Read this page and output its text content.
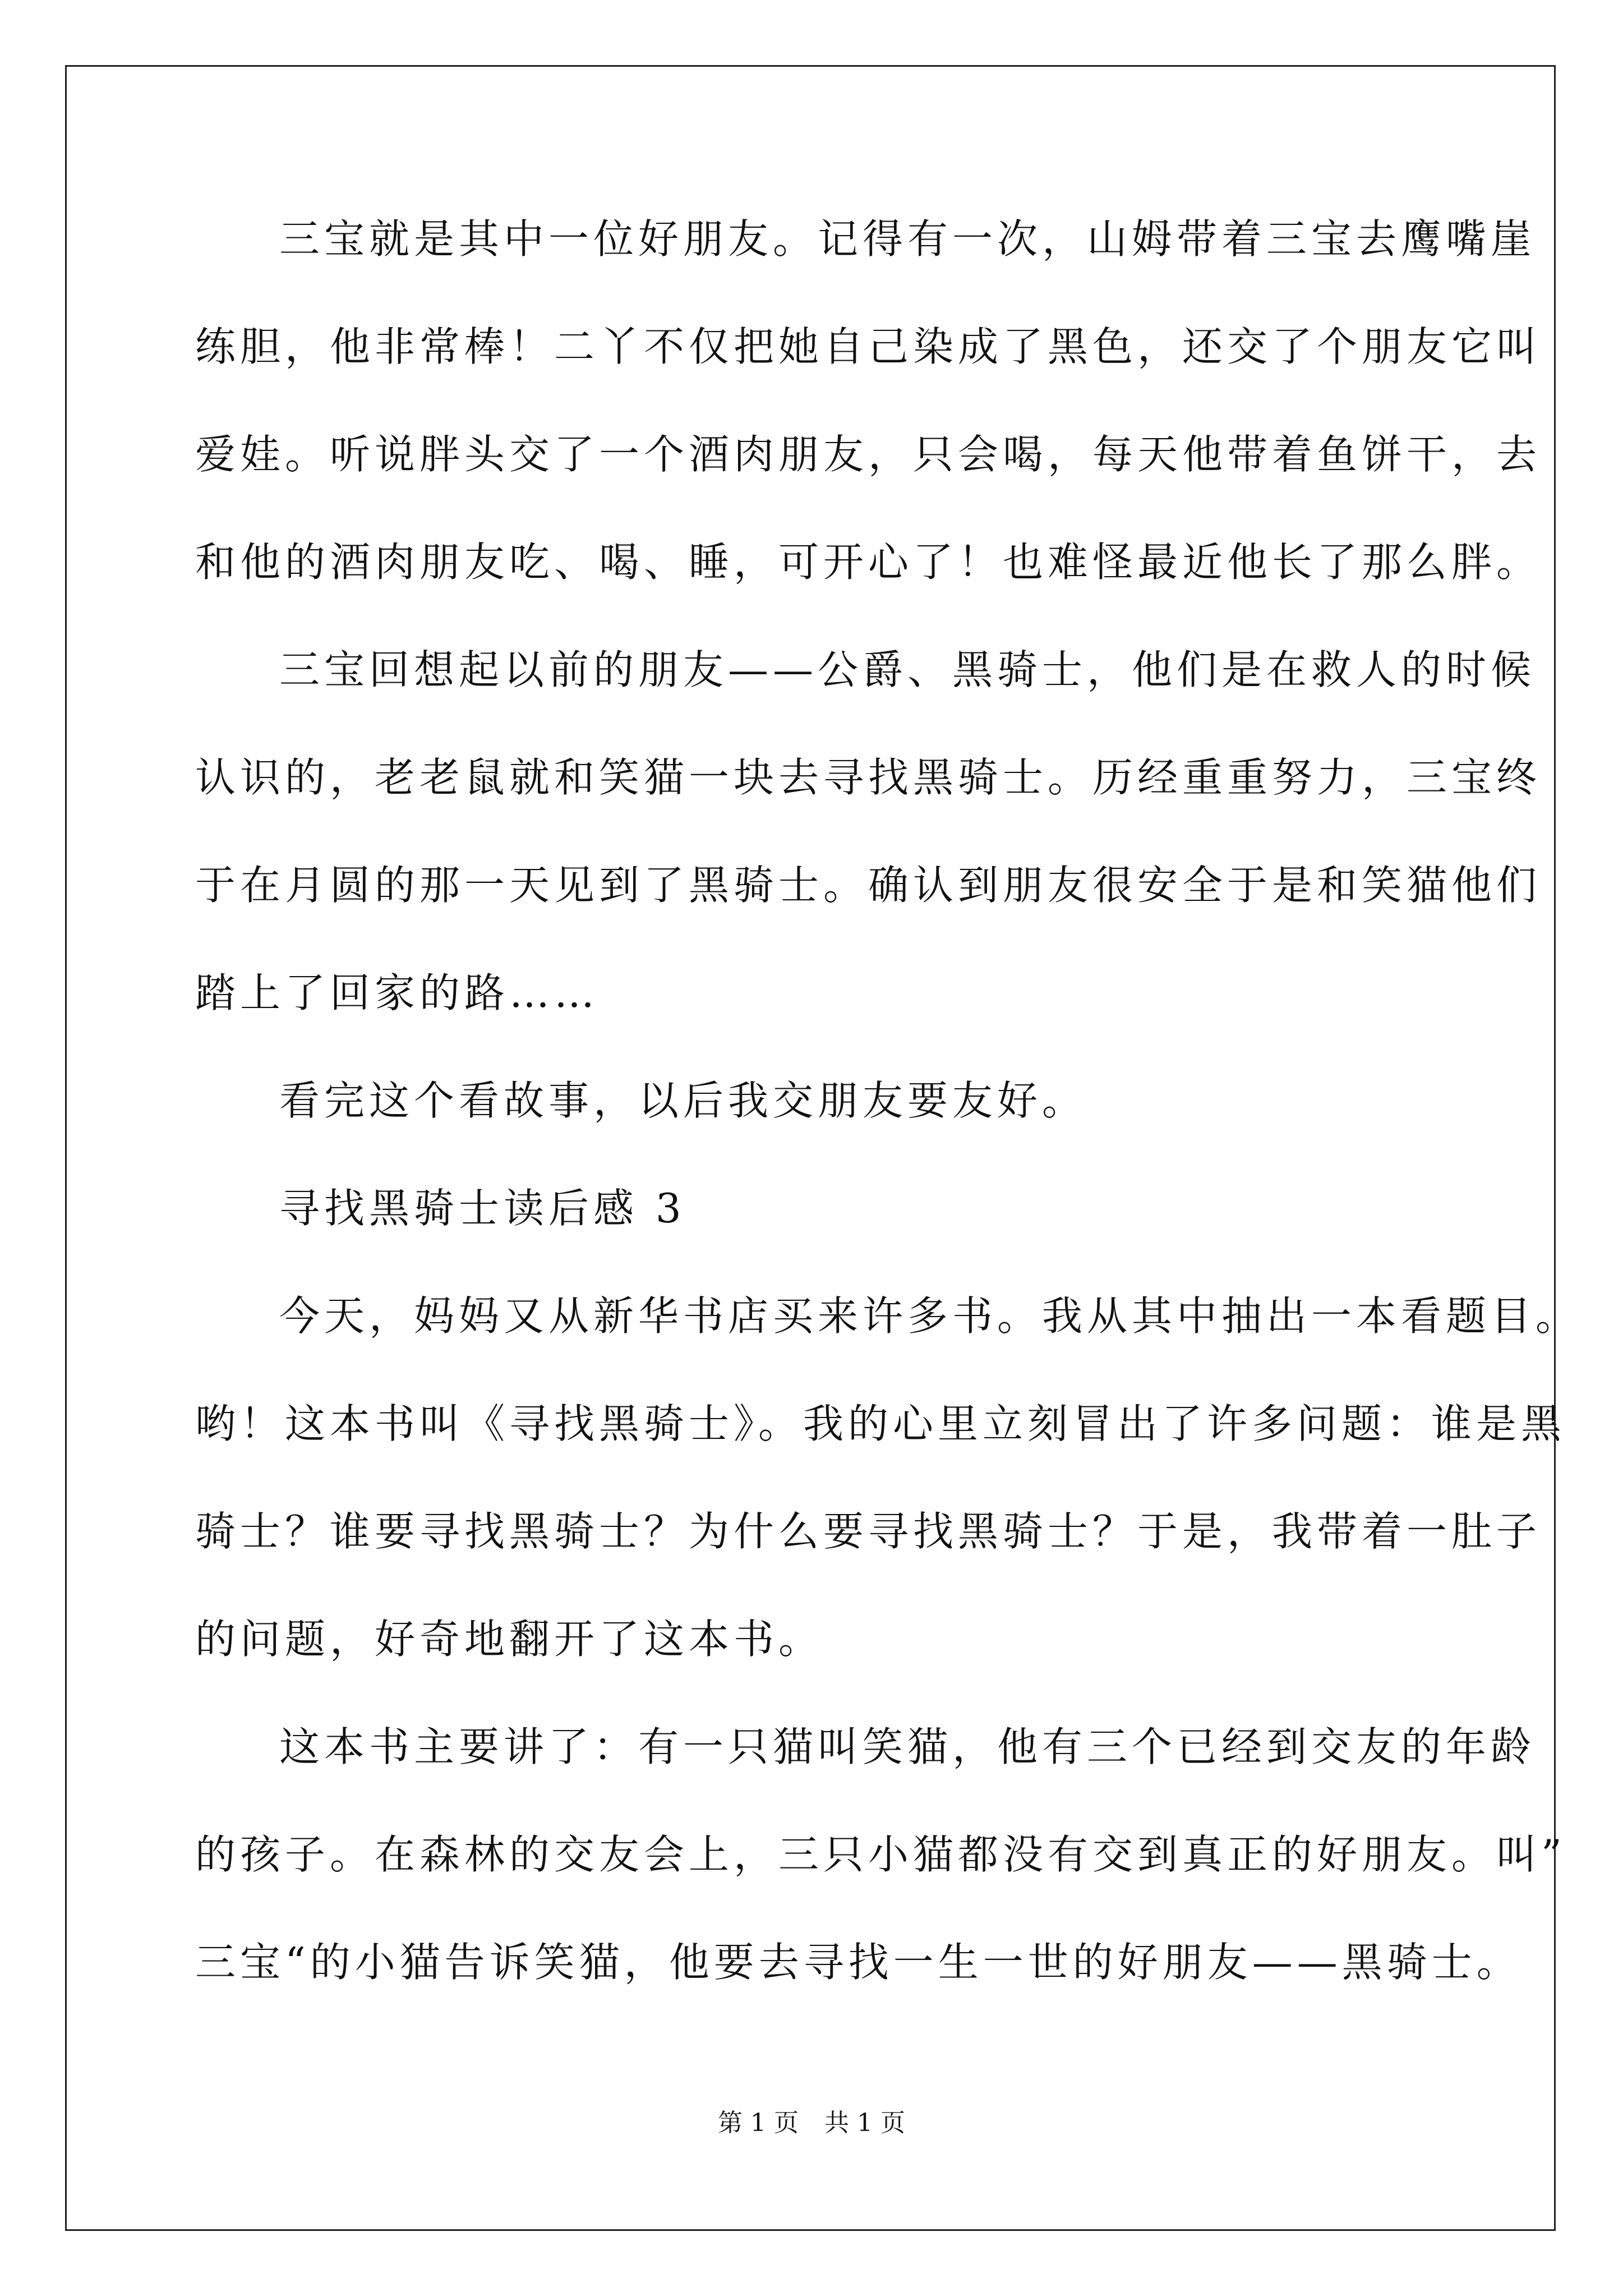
三宝就是其中一位好朋友。记得有一次，山姆带着三宝去鹰嘴崖
练胆，他非常棒！二丫不仅把她自己染成了黑色，还交了个朋友它叫
爱娃。听说胖头交了一个酒肉朋友，只会喝，每天他带着鱼饼干，去
和他的酒肉朋友吃、喝、睡，可开心了！也难怪最近他长了那么胖。
三宝回想起以前的朋友——公爵、黑骑士，他们是在救人的时候
认识的，老老鼠就和笑猫一块去寻找黑骑士。历经重重努力，三宝终
于在月圆的那一天见到了黑骑士。确认到朋友很安全于是和笑猫他们
踏上了回家的路……
看完这个看故事，以后我交朋友要友好。
寻找黑骑士读后感 3
今天，妈妈又从新华书店买来许多书。我从其中抽出一本看题目。
哟！这本书叫《寻找黑骑士》。我的心里立刻冒出了许多问题：谁是黑
骑士？谁要寻找黑骑士？为什么要寻找黑骑士？于是，我带着一肚子
的问题，好奇地翻开了这本书。
这本书主要讲了：有一只猫叫笑猫，他有三个已经到交友的年龄
的孩子。在森林的交友会上，三只小猫都没有交到真正的好朋友。叫”
三宝“的小猫告诉笑猫，他要去寻找一生一世的好朋友——黑骑士。
第 1 页 共 1 页
